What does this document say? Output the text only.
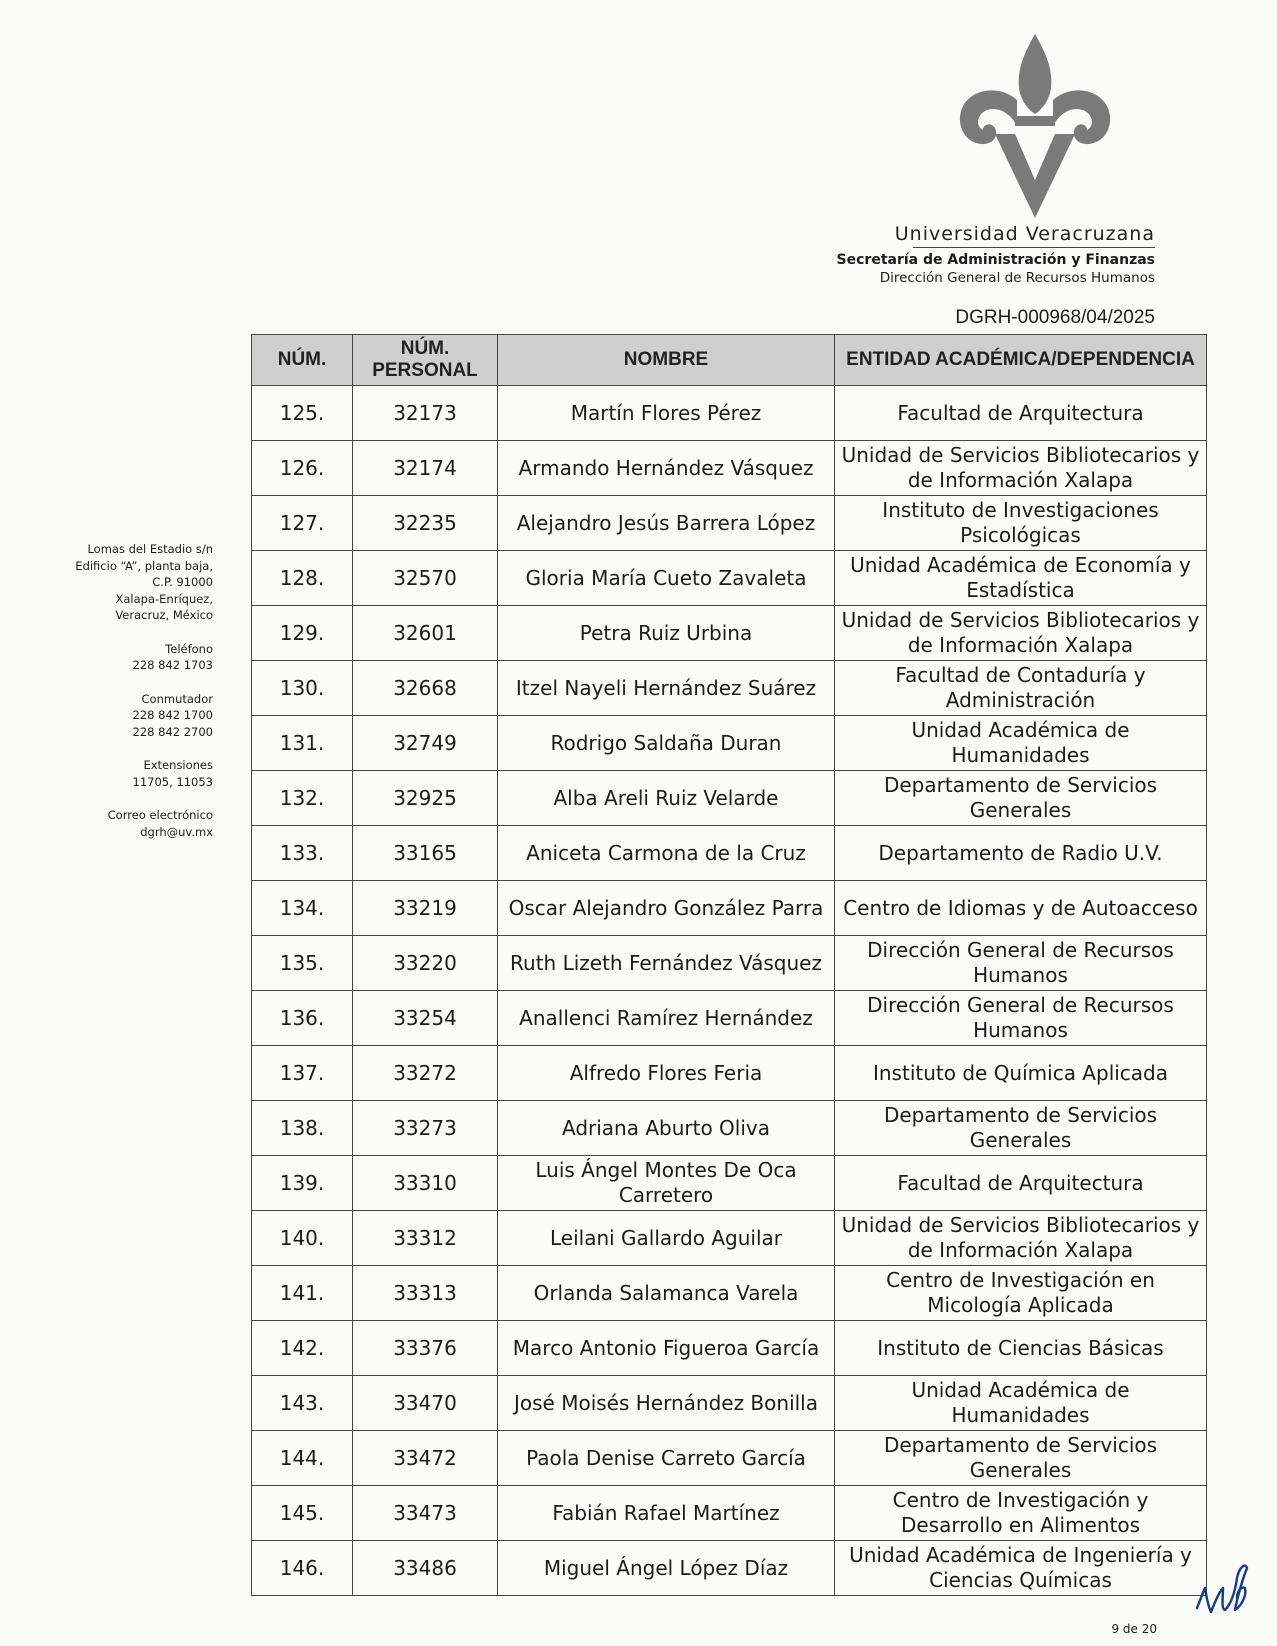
Universidad Veracruzana
Secretaría de Administración y Finanzas
Dirección General de Recursos Humanos
DGRH-000968/04/2025

Lomas del Estadio s/n
Edificio “A”, planta baja,
C.P. 91000
Xalapa-Enríquez,
Veracruz, México

Teléfono
228 842 1703

Conmutador
228 842 1700
228 842 2700

Extensiones
11705, 11053

Correo electrónico
dgrh@uv.mx

NÚM.	NÚM. PERSONAL	NOMBRE	ENTIDAD ACADÉMICA/DEPENDENCIA
125.	32173	Martín Flores Pérez	Facultad de Arquitectura
126.	32174	Armando Hernández Vásquez	Unidad de Servicios Bibliotecarios y de Información Xalapa
127.	32235	Alejandro Jesús Barrera López	Instituto de Investigaciones Psicológicas
128.	32570	Gloria María Cueto Zavaleta	Unidad Académica de Economía y Estadística
129.	32601	Petra Ruiz Urbina	Unidad de Servicios Bibliotecarios y de Información Xalapa
130.	32668	Itzel Nayeli Hernández Suárez	Facultad de Contaduría y Administración
131.	32749	Rodrigo Saldaña Duran	Unidad Académica de Humanidades
132.	32925	Alba Areli Ruiz Velarde	Departamento de Servicios Generales
133.	33165	Aniceta Carmona de la Cruz	Departamento de Radio U.V.
134.	33219	Oscar Alejandro González Parra	Centro de Idiomas y de Autoacceso
135.	33220	Ruth Lizeth Fernández Vásquez	Dirección General de Recursos Humanos
136.	33254	Anallenci Ramírez Hernández	Dirección General de Recursos Humanos
137.	33272	Alfredo Flores Feria	Instituto de Química Aplicada
138.	33273	Adriana Aburto Oliva	Departamento de Servicios Generales
139.	33310	Luis Ángel Montes De Oca Carretero	Facultad de Arquitectura
140.	33312	Leilani Gallardo Aguilar	Unidad de Servicios Bibliotecarios y de Información Xalapa
141.	33313	Orlanda Salamanca Varela	Centro de Investigación en Micología Aplicada
142.	33376	Marco Antonio Figueroa García	Instituto de Ciencias Básicas
143.	33470	José Moisés Hernández Bonilla	Unidad Académica de Humanidades
144.	33472	Paola Denise Carreto García	Departamento de Servicios Generales
145.	33473	Fabián Rafael Martínez	Centro de Investigación y Desarrollo en Alimentos
146.	33486	Miguel Ángel López Díaz	Unidad Académica de Ingeniería y Ciencias Químicas
9 de 20
